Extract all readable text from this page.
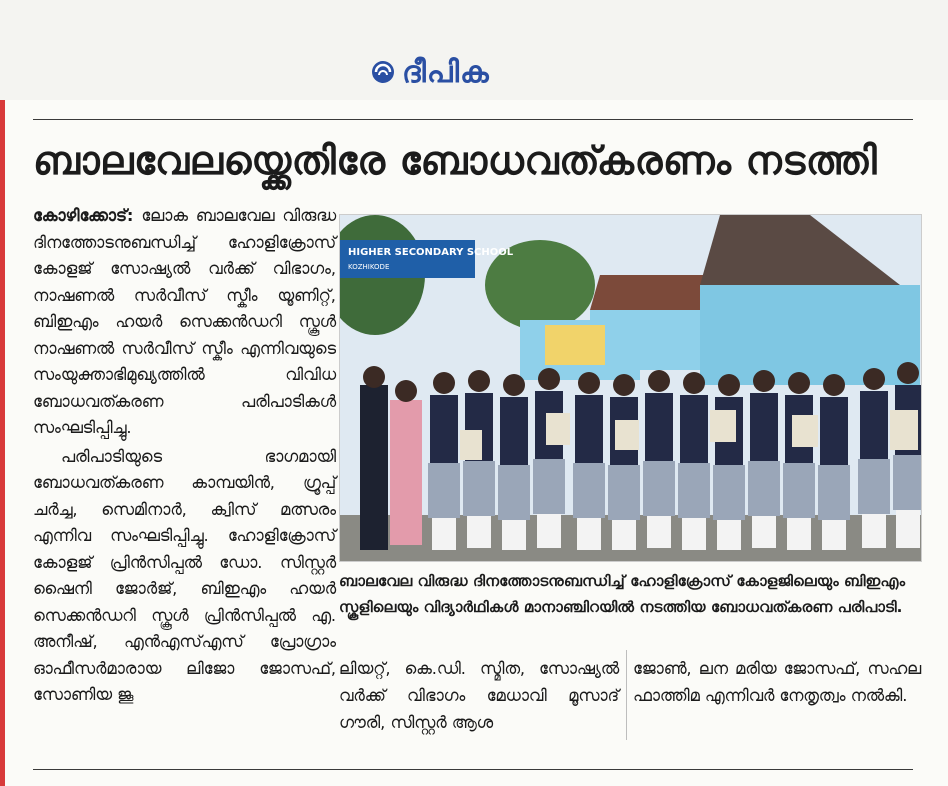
ദീപിക
ബാലവേലയ്ക്കെതിരേ ബോധവത്കരണം നടത്തി

കോഴിക്കോട്: ലോക ബാലവേല വിരുദ്ധ ദിനത്തോടനുബന്ധിച്ച് ഹോളിക്രോസ് കോളജ് സോഷ്യൽ വർക്ക് വിഭാഗം, നാഷണൽ സർവീസ് സ്കീം യൂണിറ്റ്, ബിഇഎം ഹയർ സെക്കൻഡറി സ്കൂൾ നാഷണൽ സർവീസ് സ്കീം എന്നിവയുടെ സംയുക്താഭിമുഖ്യത്തിൽ വിവിധ ബോധവത്കരണ പരിപാടികൾ സംഘടിപ്പിച്ചു.

പരിപാടിയുടെ ഭാഗമായി ബോധവത്കരണ കാമ്പയിൻ, ഗ്രൂപ്പ് ചർച്ച, സെമിനാർ, ക്വിസ് മത്സരം എന്നിവ സംഘടിപ്പിച്ചു. ഹോളിക്രോസ് കോളജ് പ്രിൻസിപ്പൽ ഡോ. സിസ്റ്റർ ഷൈനി ജോർജ്, ബിഇഎം ഹയർ സെക്കൻഡറി സ്കൂൾ പ്രിൻസിപ്പൽ എ. അനീഷ്, എൻഎസ്എസ് പ്രോഗ്രാം ഓഫീസർമാരായ ലിജോ ജോസഫ്, സോണിയ ജൂ

HIGHER SECONDARY SCHOOL
KOZHIKODE
ബാലവേല വിരുദ്ധ ദിനത്തോടനുബന്ധിച്ച് ഹോളിക്രോസ് കോളജിലെയും ബിഇഎം സ്കൂളിലെയും വിദ്യാർഥികൾ മാനാഞ്ചിറയിൽ നടത്തിയ ബോധവത്കരണ പരിപാടി.
ലിയറ്റ്, കെ.ഡി. സ്മിത, സോഷ്യൽ വർക്ക് വിഭാഗം മേധാവി മൂസാദ് ഗൗരി, സിസ്റ്റർ ആശ
ജോൺ, ലന മരിയ ജോസഫ്, സഹല ഫാത്തിമ എന്നിവർ നേതൃത്വം നൽകി.
